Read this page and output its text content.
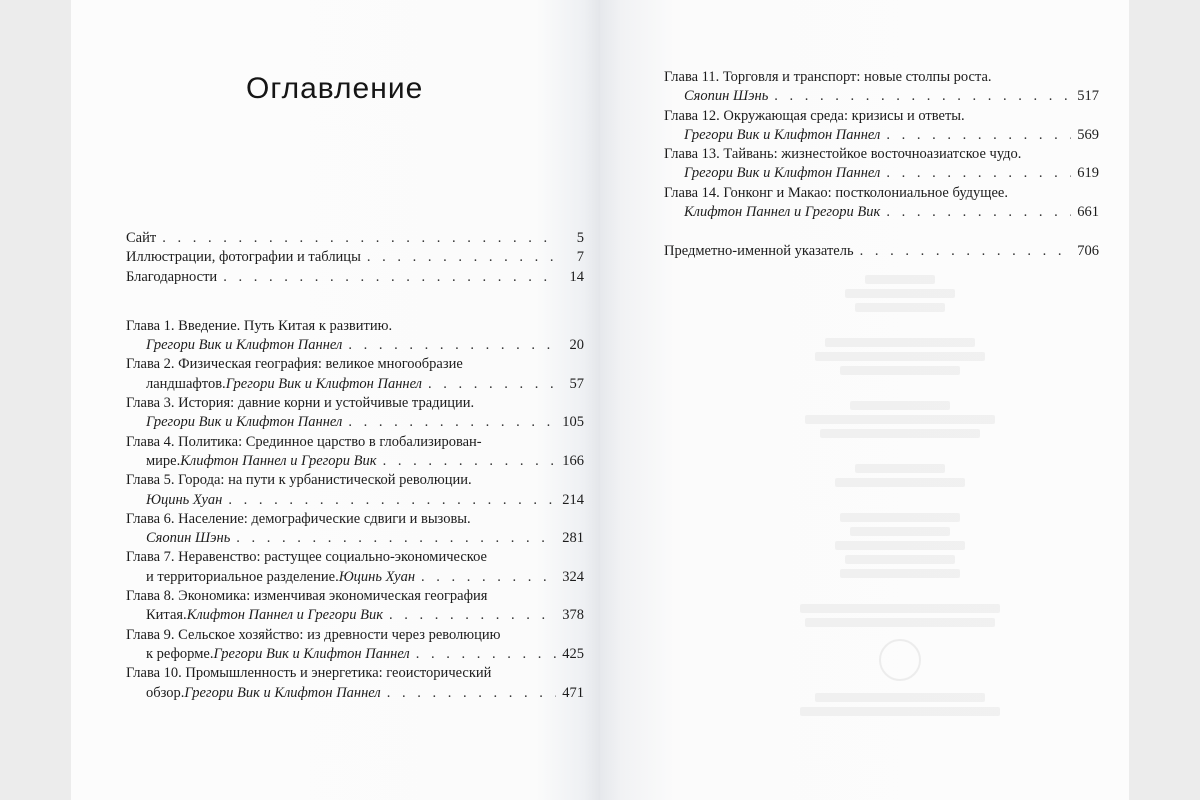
Оглавление
Сайт . . .	5
Иллюстрации, фотографии и таблицы . . .	7
Благодарности . . .	14
Глава 1. Введение. Путь Китая к развитию.
Грегори Вик и Клифтон Паннел . . .	20
Глава 2. Физическая география: великое многообразие
ландшафтов. Грегори Вик и Клифтон Паннел . . .	57
Глава 3. История: давние корни и устойчивые традиции.
Грегори Вик и Клифтон Паннел . . .	105
Глава 4. Политика: Срединное царство в глобализирован-
мире. Клифтон Паннел и Грегори Вик . . .	166
Глава 5. Города: на пути к урбанистической революции.
Юцинь Хуан . . .	214
Глава 6. Население: демографические сдвиги и вызовы.
Сяопин Шэнь . . .	281
Глава 7. Неравенство: растущее социально-экономическое
и территориальное разделение. Юцинь Хуан . . .	324
Глава 8. Экономика: изменчивая экономическая география
Китая. Клифтон Паннел и Грегори Вик . . .	378
Глава 9. Сельское хозяйство: из древности через революцию
к реформе. Грегори Вик и Клифтон Паннел . . .	425
Глава 10. Промышленность и энергетика: геоисторический
обзор. Грегори Вик и Клифтон Паннел . . .	471
Глава 11. Торговля и транспорт: новые столпы роста.
Сяопин Шэнь . . .	517
Глава 12. Окружающая среда: кризисы и ответы.
Грегори Вик и Клифтон Паннел . . .	569
Глава 13. Тайвань: жизнестойкое восточноазиатское чудо.
Грегори Вик и Клифтон Паннел . . .	619
Глава 14. Гонконг и Макао: постколониальное будущее.
Клифтон Паннел и Грегори Вик . . .	661
Предметно-именной указатель . . .	706
